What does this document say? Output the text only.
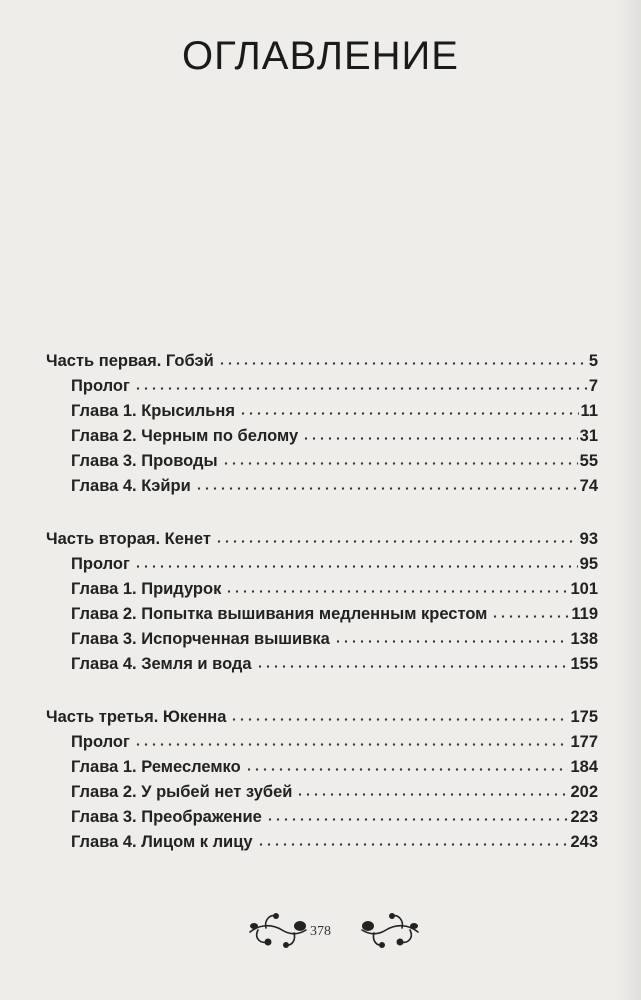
ОГЛАВЛЕНИЕ
Часть первая. Гобэй	5
Пролог	7
Глава 1. Крысильня	11
Глава 2. Черным по белому	31
Глава 3. Проводы	55
Глава 4. Кэйри	74
Часть вторая. Кенет	93
Пролог	95
Глава 1. Придурок	101
Глава 2. Попытка вышивания медленным крестом	119
Глава 3. Испорченная вышивка	138
Глава 4. Земля и вода	155
Часть третья. Юкенна	175
Пролог	177
Глава 1. Ремеслемко	184
Глава 2. У рыбей нет зубей	202
Глава 3. Преображение	223
Глава 4. Лицом к лицу	243
378
